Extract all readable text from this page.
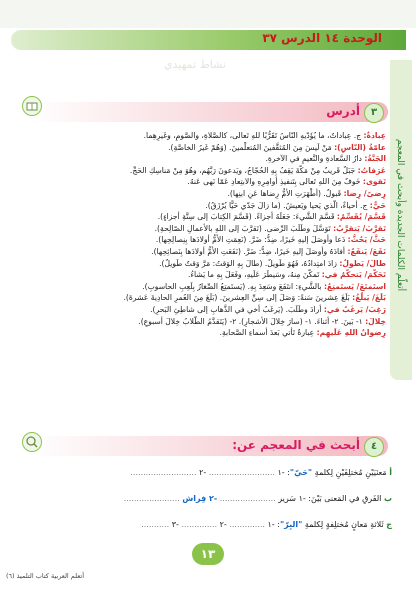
الوحدة ١٤ الدرس ٣٧
أتعلّم الكلمات الجديدة وأبحث في المعجم
نشاط تمهيدي
٣
أدرس
عِبادةٌ: ج. عِباداتٌ، ما يُؤَدّيهِ النّاسُ تَقَرُّبًا للهِ تَعالى، كالصَّلاةِ، والصَّومِ، وغَيرِهِما.
عامّةُ (النّاسِ): مَنْ لَيسَ مِنَ المُثقَّفينَ المُتعلِّمينَ. (وَهُمْ غَيرُ الخاصَّةِ).
الجَنَّةُ: دارُ السَّعادةِ والنَّعيمِ في الآخرةِ.
عَرَفاتُ: جَبَلٌ قَريبٌ مِنْ مَكّةَ يَقِفُ بِهِ الحُجّاجُ، ويَدعونَ رَبَّهُم، وهُوَ مِنْ مَناسِكِ الحَجِّ.
تَقوى: خَوفٌ مِنَ اللهِ تَعالى بِتَنفيذِ أوامِرِهِ والابتِعادِ عَمّا نَهى عَنهُ.
رِضىً/ رِضا: قَبولٌ. (أَطْهَرَتِ الأمُّ رِضاها عَنِ ابنِها).
حَيٌّ: ج. أحياءٌ، الّذي يَحيا ويَعيشُ. (ما زالَ جَدّي حَيًّا يُرْزَقُ).
قَسَّمَ/ يُقَسِّمُ: قَسَّمَ الشَّيءَ: جَعَلَهُ أجزاءً. (قَسَّمَ الكِتابَ إلى سِتَّةِ أجزاءٍ).
تَقرَّبَ/ يَتقرَّبُ: تَوَسَّلَ وطَلَبَ الرِّضى. (تَقرَّبَ إلى اللهِ بالأعمالِ الصّالِحةِ).
حَثَّ/ يَحُثُّ: دَعا وأوصَلَ إليهِ خَيرًا، ضِدُّ: ضَرَّ. (نَعِمَتِ الأُمُّ أولادَها بِنِصالِحِها).
نَفَعَ/ يَنفَعُ: أفادَهُ وأوصَلَ إليهِ خَيرًا، ضِدُّ: ضَرَّ. (نَفَعَتِ الأُمُّ أولادَها بِنَصائِحِها).
طالَ/ يَطولُ: زادَ امتِدادُهُ، فَهُوَ طَويلٌ. (طالَ بِهِ الوَقتُ: مَرَّ وَقتٌ طَويلٌ).
تَحَكَّمَ/ يَتحكَّمُ في: تَمكَّنَ مِنهُ، وسَيطَرَ عَلَيهِ، وفَعَلَ بِهِ ما يَشاءُ.
استَمتَعَ/ يَستَمتِعُ: بالشَّيءِ: انتَفَعَ وسَعِدَ بِهِ. (يَستَمتِعُ الصِّغارُ بِلَعِبِ الحاسوبِ).
بَلَغَ/ يَبلُغُ: بَلَغَ عِشرينَ سَنةً: وَصَلَ إلى سِنِّ العِشرينَ. (بَلَغَ مِنَ العُمرِ الحادِيةَ عَشرةَ).
رَغِبَ/ يَرغَبُ في: أرادَ وطَلَبَ. (يَرغَبُ أخي في الذَّهابِ إلى شاطِئِ البَحرِ).
خِلالَ: ١- بَينَ. ٢- أثناءَ. ١- (سارَ خِلالَ الأشجارِ). ٢- (يَتَقدَّمُ الطُّلابُ خِلالَ أسبوعٍ).
رِضوانُ اللهِ عَلَيهِم: عِبارةٌ تَأتي بَعدَ أسماءِ الصَّحابةِ.
٤
أبحث في المعجم عن:
أ مَعنَيَيْنِ مُختلِفَيْنِ لِكلمةِ "حَيّ": -١ .......................... -٢ ..........................
ب الفَرقِ في المَعنى بَيْنَ: -١ سَرير ...................... -٢ فِراش ......................
ج ثَلاثةِ مَعانٍ مُختلِفةٍ لِكلمةِ "البِرّ": -١ .............. -٢ .............. -٣ ...........
١٣
أتعلم العربية كتاب التلميذ (٦)
